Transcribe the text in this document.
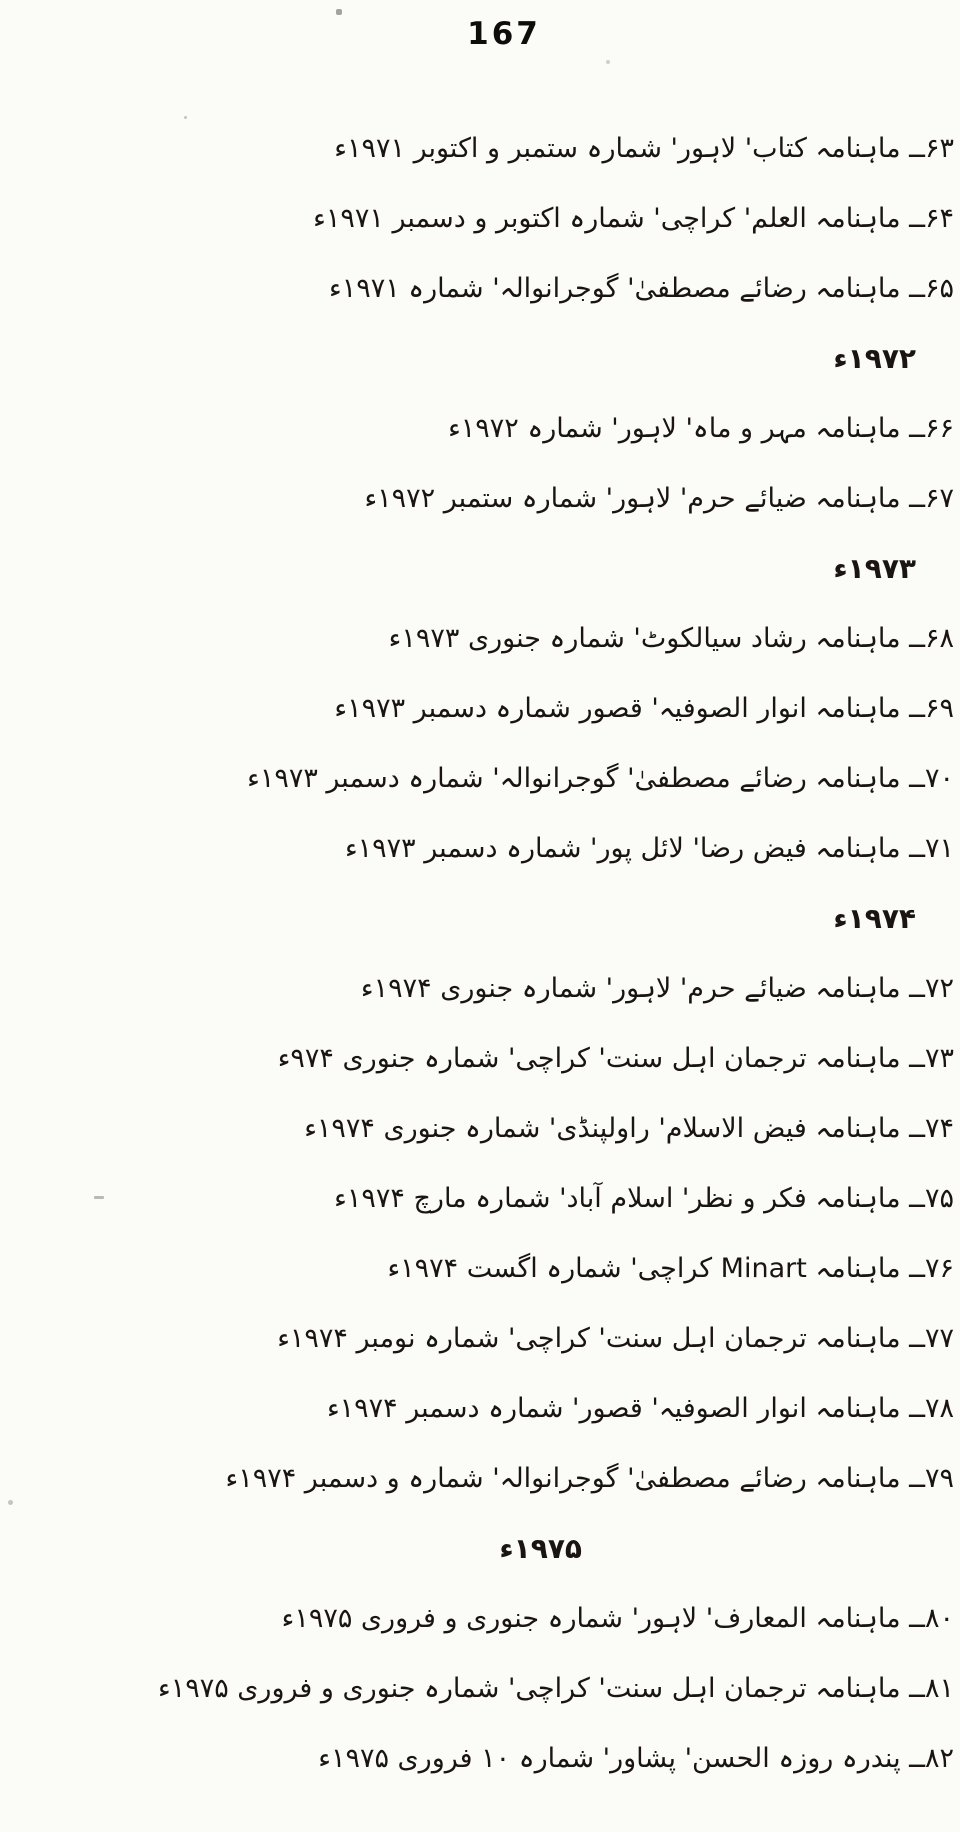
167
۶۳ــ ماہنامہ کتاب' لاہور' شمارہ ستمبر و اکتوبر ۱۹۷۱ء
۶۴ــ ماہنامہ العلم' کراچی' شمارہ اکتوبر و دسمبر ۱۹۷۱ء
۶۵ــ ماہنامہ رضائے مصطفیٰ' گوجرانوالہ' شمارہ ۱۹۷۱ء
۱۹۷۲ء
۶۶ــ ماہنامہ مہر و ماہ' لاہور' شمارہ ۱۹۷۲ء
۶۷ــ ماہنامہ ضیائے حرم' لاہور' شمارہ ستمبر ۱۹۷۲ء
۱۹۷۳ء
۶۸ــ ماہنامہ رشاد سیالکوٹ' شمارہ جنوری ۱۹۷۳ء
۶۹ــ ماہنامہ انوار الصوفیہ' قصور شمارہ دسمبر ۱۹۷۳ء
۷۰ــ ماہنامہ رضائے مصطفیٰ' گوجرانوالہ' شمارہ دسمبر ۱۹۷۳ء
۷۱ــ ماہنامہ فیض رضا' لائل پور' شمارہ دسمبر ۱۹۷۳ء
۱۹۷۴ء
۷۲ــ ماہنامہ ضیائے حرم' لاہور' شمارہ جنوری ۱۹۷۴ء
۷۳ــ ماہنامہ ترجمان اہل سنت' کراچی' شمارہ جنوری ۹۷۴ء
۷۴ــ ماہنامہ فیض الاسلام' راولپنڈی' شمارہ جنوری ۱۹۷۴ء
۷۵ــ ماہنامہ فکر و نظر' اسلام آباد' شمارہ مارچ ۱۹۷۴ء
۷۶ــ ماہنامہ Minart کراچی' شمارہ اگست ۱۹۷۴ء
۷۷ــ ماہنامہ ترجمان اہل سنت' کراچی' شمارہ نومبر ۱۹۷۴ء
۷۸ــ ماہنامہ انوار الصوفیہ' قصور' شمارہ دسمبر ۱۹۷۴ء
۷۹ــ ماہنامہ رضائے مصطفیٰ' گوجرانوالہ' شمارہ و دسمبر ۱۹۷۴ء
۱۹۷۵ء
۸۰ــ ماہنامہ المعارف' لاہور' شمارہ جنوری و فروری ۱۹۷۵ء
۸۱ــ ماہنامہ ترجمان اہل سنت' کراچی' شمارہ جنوری و فروری ۱۹۷۵ء
۸۲ــ پندرہ روزہ الحسن' پشاور' شمارہ ۱۰ فروری ۱۹۷۵ء
